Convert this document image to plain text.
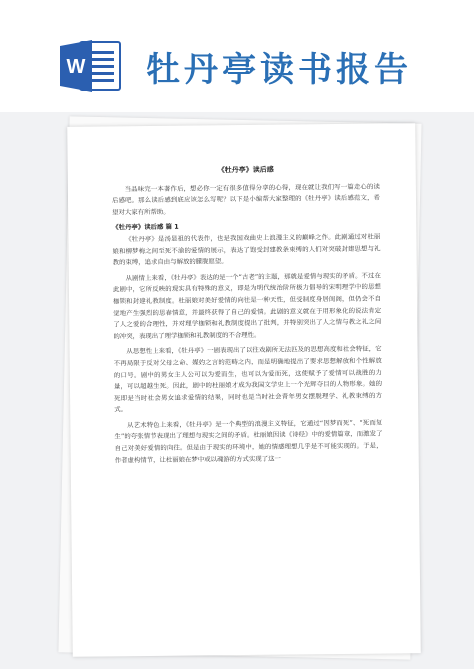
W 牡丹亭读书报告
《牡丹亭》读后感

当品味完一本著作后，想必你一定有很多值得分享的心得，现在就让我们写一篇走心的读后感吧。那么读后感到底应该怎么写呢？以下是小编帮大家整理的《牡丹亭》读后感范文，希望对大家有所帮助。

《牡丹亭》读后感 篇 1

《牡丹亭》是汤显祖的代表作，也是我国戏曲史上浪漫主义的巅峰之作。此剧通过对杜丽娘和柳梦梅之间至死不渝的爱情的展示，表达了饱受封建教条束缚的人们对突破封建思想与礼教的束缚，追求自由与解放的朦胧愿望。

从剧情上来看，《牡丹亭》表达的是一个“古老”的主题，那就是爱情与现实的矛盾。不过在此剧中，它所反映的现实具有特殊的意义，即是为明代统治阶所极力倡导的宋明理学中的思想枷锁和封建礼教制度。杜丽娘对美好爱情的向往是一种天性，但受制度身居闺阁，但仍会不自觉地产生强烈的思春情意，并最终获得了自己的爱情。此剧的意义就在于用形象化的说法肯定了人之爱的合理性，并对理学枷锁和礼教制度提出了批判，并特别突出了人之情与教之礼之间的冲突，表现出了理学枷锁和礼教制度的不合理性。

从思想性上来看，《牡丹亭》一剧表现出了以往戏剧所无法匹及的思想高度和社会特征，它不再局限于反对父母之命、媒妁之言的范畴之内，而是明确地提出了要求思想解放和个性解放的口号。剧中的男女主人公可以为爱而生，也可以为爱而死，这使赋予了爱情可以战胜的力量，可以超越生死。因此，剧中的杜丽娘才成为我国文学史上一个光辉夺目的人物形象。她的死即是当时社会男女追求爱情的结果，同时也是当时社会青年男女摆脱理学、礼教束缚的方式。

从艺术特色上来看，《牡丹亭》是一个典型的浪漫主义特征，它通过“因梦而死”、“死而复生”的夸张情节表现出了理想与现实之间的矛盾。杜丽娘因读《诗经》中的爱情篇章，而激发了自己对美好爱情的向往。但是由于现实的环境中，她的情感理想几乎是不可能实现的。于是，作者虚构情节，让杜丽娘在梦中或以魂游的方式实现了这一
